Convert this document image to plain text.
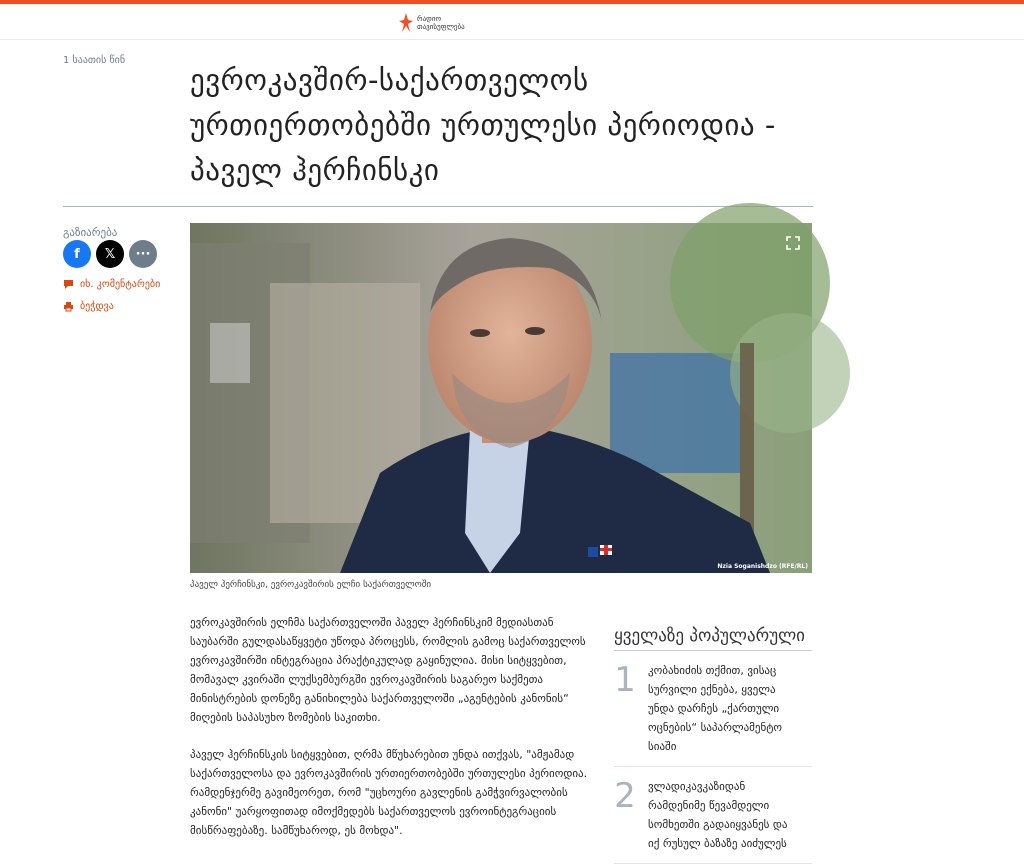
რადიო
თავისუფლება
1 საათის წინ
ევროკავშირ-საქართველოს ურთიერთობებში ურთულესი პერიოდია - პაველ ჰერჩინსკი
გაზიარება
f 𝕏 ···
იხ. კომენტარები
ბეჭდვა
Nzia Soganishdzo (RFE/RL)
პაველ ჰერჩინსკი, ევროკავშირის ელჩი საქართველოში

ევროკავშირის ელჩმა საქართველოში პაველ ჰერჩინსკიმ მედიასთან საუბარში გულდასაწყვეტი უწოდა პროცესს, რომლის გამოც საქართველოს ევროკავშირში ინტეგრაცია პრაქტიკულად გაყინულია. მისი სიტყვებით, მომავალ კვირაში ლუქსემბურგში ევროკავშირის საგარეო საქმეთა მინისტრების დონეზე განიხილება საქართველოში „აგენტების კანონის“ მიღების საპასუხო ზომების საკითხი.

პაველ ჰერჩინსკის სიტყვებით, ღრმა მწუხარებით უნდა ითქვას, "ამჟამად საქართველოსა და ევროკავშირის ურთიერთობებში ურთულესი პერიოდია. რამდენჯერმე გავიმეორეთ, რომ "უცხოური გავლენის გამჭვირვალობის კანონი" უარყოფითად იმოქმედებს საქართველოს ევროინტეგრაციის მისწრაფებაზე. სამწუხაროდ, ეს მოხდა".

ყველაზე პოპულარული
1 კობახიძის თქმით, ვისაც სურვილი ექნება, ყველა უნდა დარჩეს „ქართული ოცნების“ საპარლამენტო სიაში
2 ვლადიკავკაზიდან რამდენიმე წევამდელი სომხეთში გადაიყვანეს და იქ რუსულ ბაზაზე აიძულეს
